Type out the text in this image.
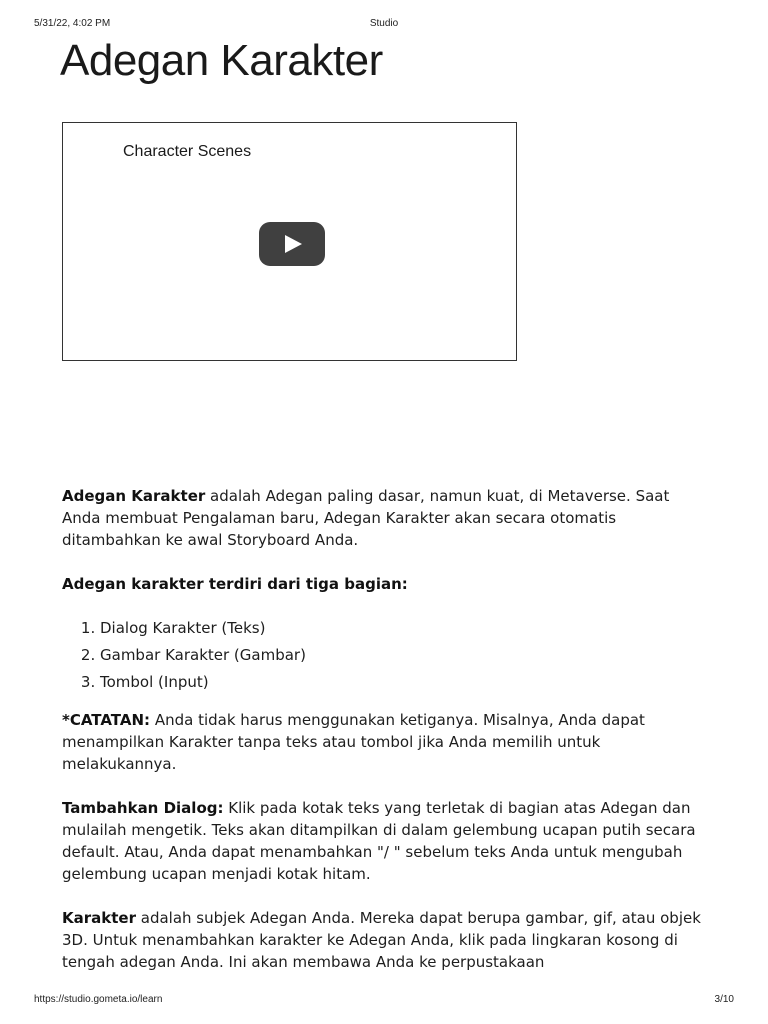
5/31/22, 4:02 PM	Studio
Adegan Karakter
Character Scenes

Adegan Karakter adalah Adegan paling dasar, namun kuat, di Metaverse. Saat Anda membuat Pengalaman baru, Adegan Karakter akan secara otomatis ditambahkan ke awal Storyboard Anda.

Adegan karakter terdiri dari tiga bagian:

1. Dialog Karakter (Teks)
2. Gambar Karakter (Gambar)
3. Tombol (Input)

*CATATAN: Anda tidak harus menggunakan ketiganya. Misalnya, Anda dapat menampilkan Karakter tanpa teks atau tombol jika Anda memilih untuk melakukannya.

Tambahkan Dialog: Klik pada kotak teks yang terletak di bagian atas Adegan dan mulailah mengetik. Teks akan ditampilkan di dalam gelembung ucapan putih secara default. Atau, Anda dapat menambahkan "/ " sebelum teks Anda untuk mengubah gelembung ucapan menjadi kotak hitam.

Karakter adalah subjek Adegan Anda. Mereka dapat berupa gambar, gif, atau objek 3D. Untuk menambahkan karakter ke Adegan Anda, klik pada lingkaran kosong di tengah adegan Anda. Ini akan membawa Anda ke perpustakaan

https://studio.gometa.io/learn	3/10
